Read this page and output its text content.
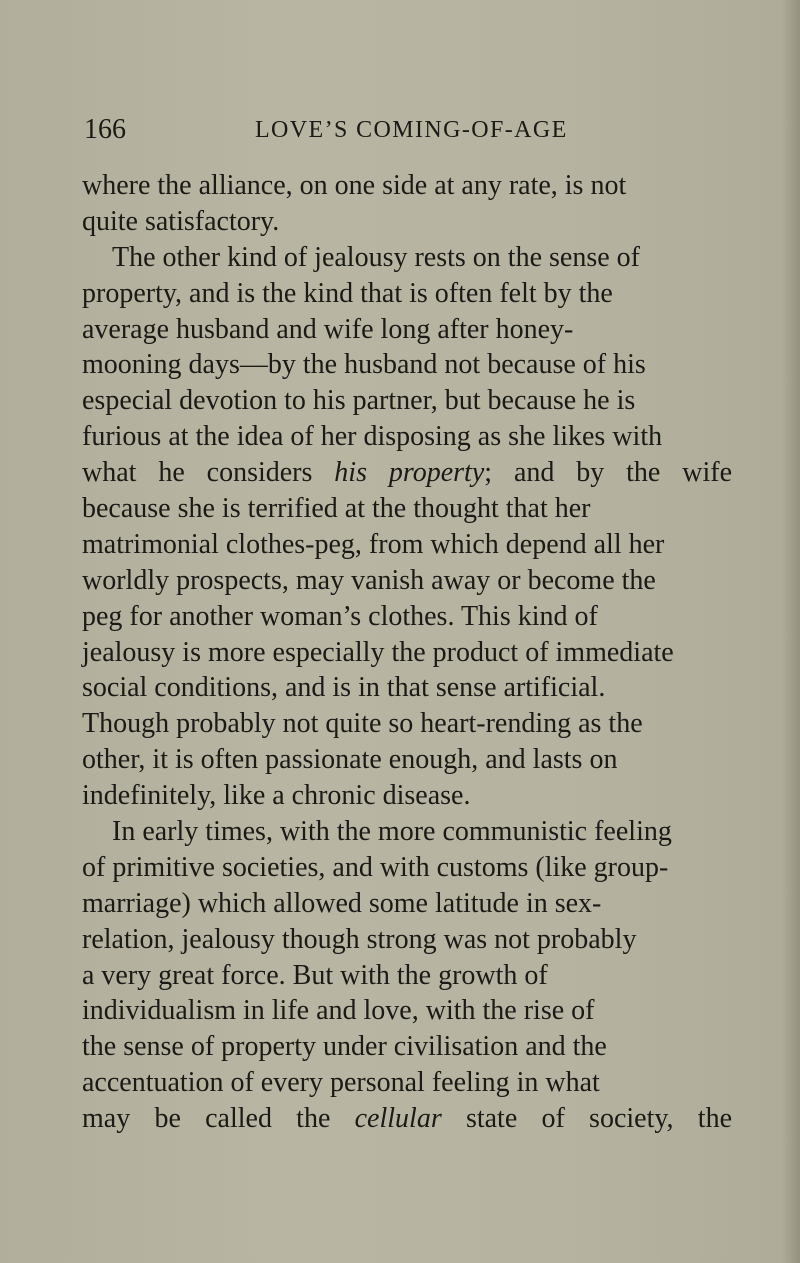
166	LOVE’S COMING-OF-AGE
where the alliance, on one side at any rate, is not
quite satisfactory.
The other kind of jealousy rests on the sense of
property, and is the kind that is often felt by the
average husband and wife long after honey-
mooning days—by the husband not because of his
especial devotion to his partner, but because he is
furious at the idea of her disposing as she likes with
what he considers his property; and by the wife
because she is terrified at the thought that her
matrimonial clothes-peg, from which depend all her
worldly prospects, may vanish away or become the
peg for another woman’s clothes. This kind of
jealousy is more especially the product of immediate
social conditions, and is in that sense artificial.
Though probably not quite so heart-rending as the
other, it is often passionate enough, and lasts on
indefinitely, like a chronic disease.
In early times, with the more communistic feeling
of primitive societies, and with customs (like group-
marriage) which allowed some latitude in sex-
relation, jealousy though strong was not probably
a very great force. But with the growth of
individualism in life and love, with the rise of
the sense of property under civilisation and the
accentuation of every personal feeling in what
may be called the cellular state of society, the
